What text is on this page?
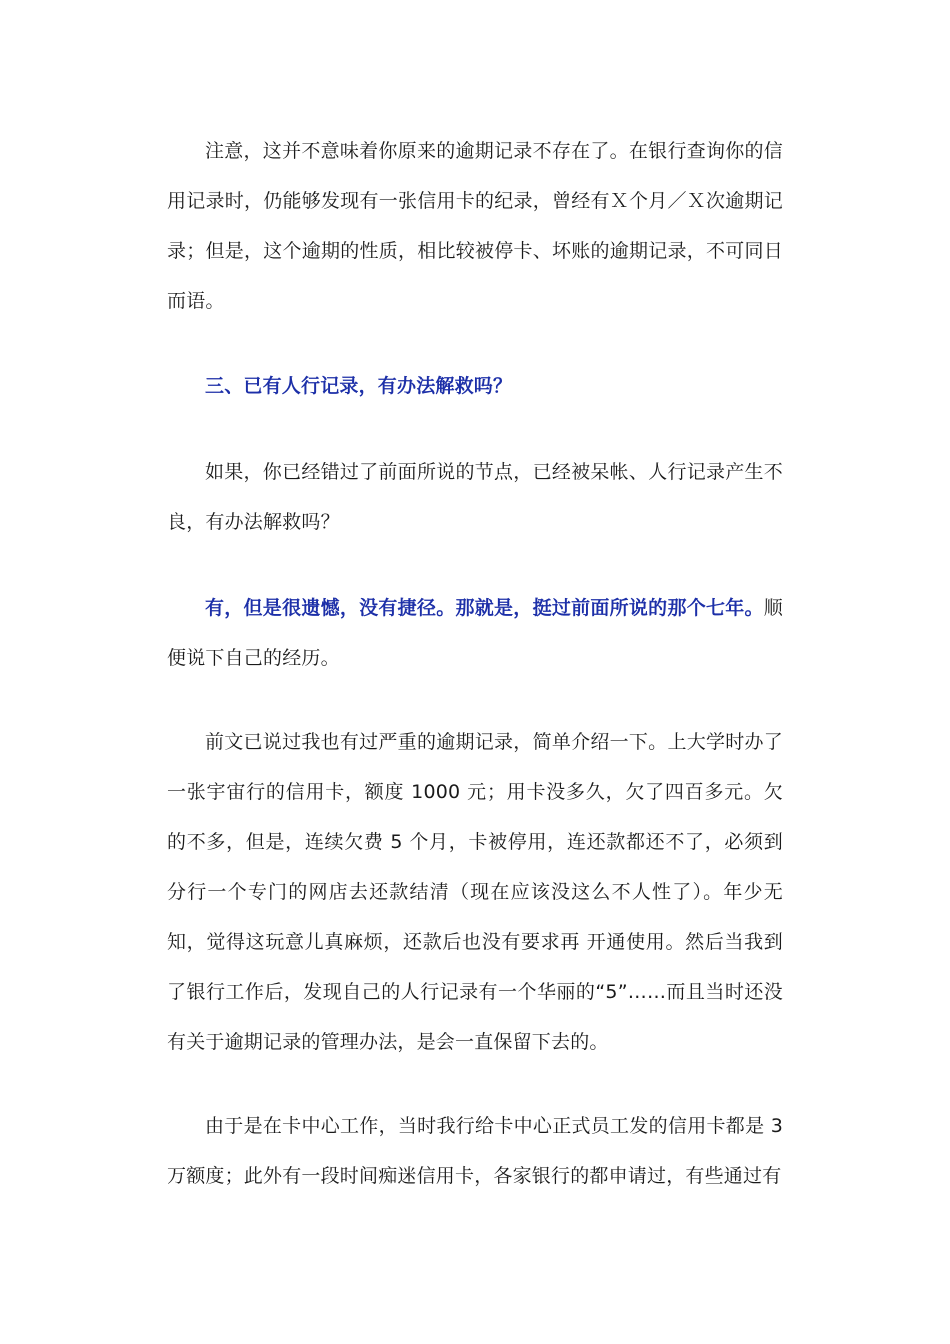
注意，这并不意味着你原来的逾期记录不存在了。在银行查询你的信用记录时，仍能够发现有一张信用卡的纪录，曾经有Ｘ个月／Ｘ次逾期记录；但是，这个逾期的性质，相比较被停卡、坏账的逾期记录，不可同日而语。

三、已有人行记录，有办法解救吗？

如果，你已经错过了前面所说的节点，已经被呆帐、人行记录产生不良，有办法解救吗？

有，但是很遗憾，没有捷径。那就是，挺过前面所说的那个七年。顺便说下自己的经历。

前文已说过我也有过严重的逾期记录，简单介绍一下。上大学时办了一张宇宙行的信用卡，额度 1000 元；用卡没多久，欠了四百多元。欠的不多，但是，连续欠费 5 个月，卡被停用，连还款都还不了，必须到分行一个专门的网店去还款结清（现在应该没这么不人性了）。年少无知，觉得这玩意儿真麻烦，还款后也没有要求再 开通使用。然后当我到了银行工作后，发现自己的人行记录有一个华丽的“5”……而且当时还没有关于逾期记录的管理办法，是会一直保留下去的。

由于是在卡中心工作，当时我行给卡中心正式员工发的信用卡都是 3 万额度；此外有一段时间痴迷信用卡，各家银行的都申请过，有些通过有
